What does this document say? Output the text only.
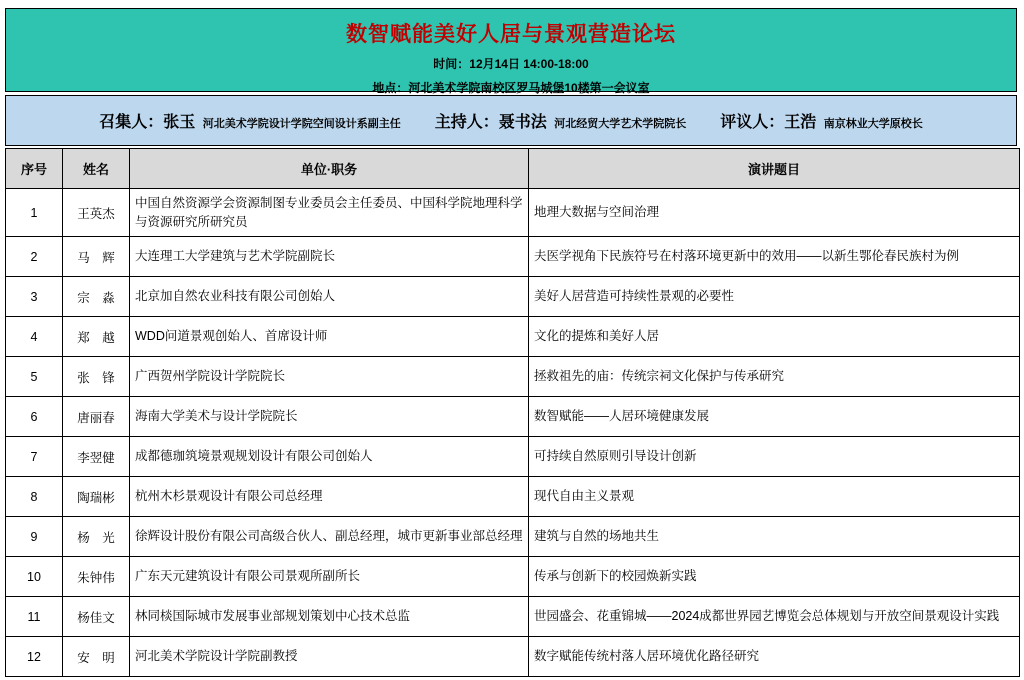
数智赋能美好人居与景观营造论坛
时间：12月14日 14:00-18:00
地点：河北美术学院南校区罗马城堡10楼第一会议室
召集人：张玉 河北美术学院设计学院空间设计系副主任 主持人：聂书法 河北经贸大学艺术学院院长 评议人：王浩 南京林业大学原校长
序号	姓名	单位·职务	演讲题目
1	王英杰	中国自然资源学会资源制图专业委员会主任委员、中国科学院地理科学与资源研究所研究员	地理大数据与空间治理
2	马　辉	大连理工大学建筑与艺术学院副院长	夫医学视角下民族符号在村落环境更新中的效用——以新生鄂伦春民族村为例
3	宗　淼	北京加自然农业科技有限公司创始人	美好人居营造可持续性景观的必要性
4	郑　越	WDD问道景观创始人、首席设计师	文化的提炼和美好人居
5	张　锋	广西贺州学院设计学院院长	拯救祖先的庙：传统宗祠文化保护与传承研究
6	唐丽春	海南大学美术与设计学院院长	数智赋能——人居环境健康发展
7	李翌健	成都德珈筑境景观规划设计有限公司创始人	可持续自然原则引导设计创新
8	陶瑞彬	杭州木杉景观设计有限公司总经理	现代自由主义景观
9	杨　光	徐辉设计股份有限公司高级合伙人、副总经理，城市更新事业部总经理	建筑与自然的场地共生
10	朱钟伟	广东天元建筑设计有限公司景观所副所长	传承与创新下的校园焕新实践
11	杨佳文	林同棪国际城市发展事业部规划策划中心技术总监	世园盛会、花重锦城——2024成都世界园艺博览会总体规划与开放空间景观设计实践
12	安　明	河北美术学院设计学院副教授	数字赋能传统村落人居环境优化路径研究
